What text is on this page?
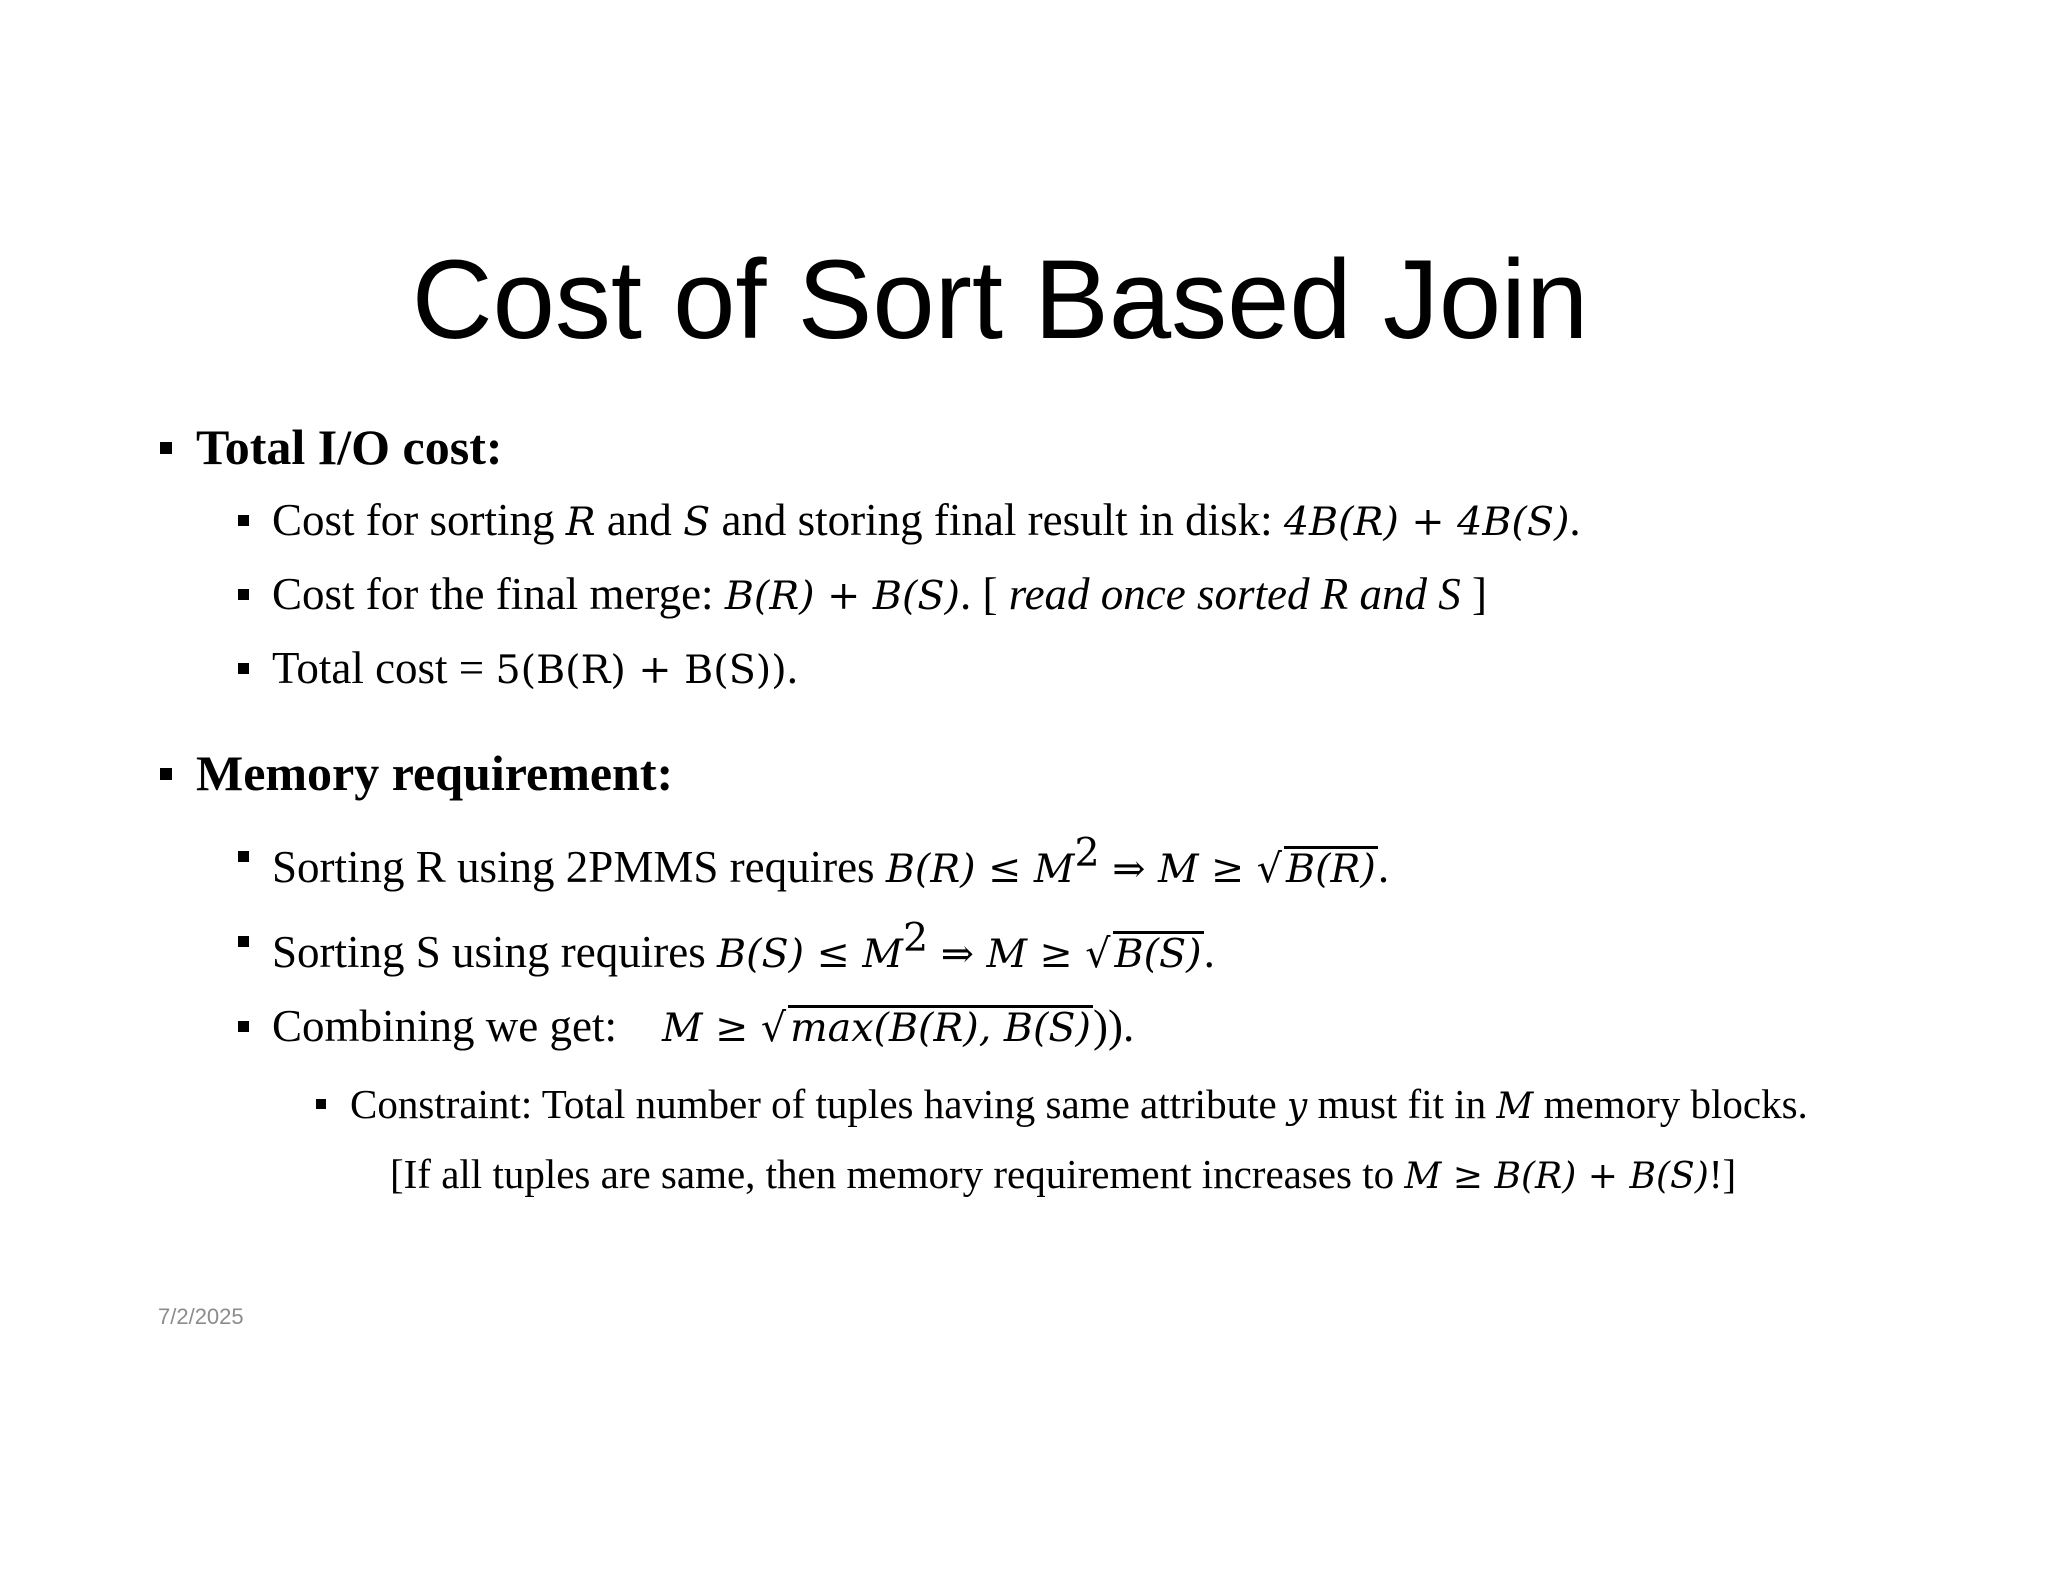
Cost of Sort Based Join
Total I/O cost:
Cost for sorting R and S and storing final result in disk: 4B(R) + 4B(S).
Cost for the final merge: B(R) + B(S). [ read once sorted R and S ]
Total cost = 5(B(R) + B(S)).
Memory requirement:
Sorting R using 2PMMS requires $B(R) \le M^2$ ⇒ M ≥ √ B(R).
Sorting S using requires $B(S) \le M^2$ ⇒ M ≥ √ B(S).
Combining we get:    M ≥ √ max(B(R), B(S))).
Constraint: Total number of tuples having same attribute y must fit in M memory blocks.
[If all tuples are same, then memory requirement increases to M ≥ B(R) + B(S)!]
7/2/2025
